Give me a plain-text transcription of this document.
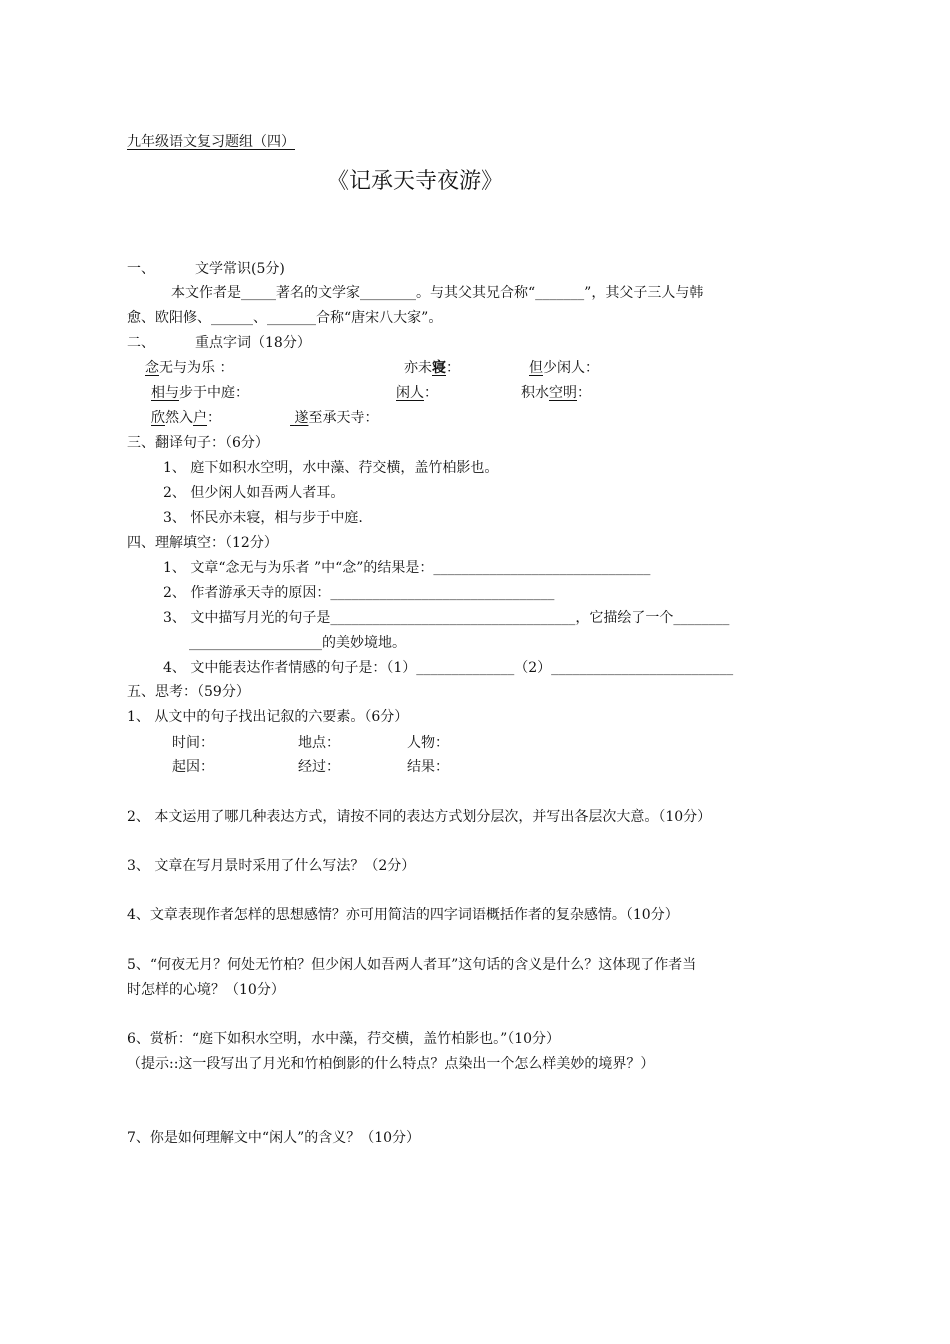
九年级语文复习题组（四）
《记承天寺夜游》
一、	文学常识(5分)
本文作者是_____著名的文学家________。与其父其兄合称“_______”，其父子三人与韩
愈、欧阳修、______、_______合称“唐宋八大家”。
二、	重点字词（18分）
念无与为乐 ：	亦未寝：	但少闲人：
相与步于中庭：	闲人：	积水空明：
欣然入户：	遂至承天寺：
三、翻译句子：（6分）
1、 庭下如积水空明，水中藻、荇交横，盖竹柏影也。
2、 但少闲人如吾两人者耳。
3、 怀民亦未寝，相与步于中庭.
四、理解填空：（12分）
1、 文章“念无与为乐者 ”中“念”的结果是：_______________________________
2、 作者游承天寺的原因：________________________________
3、 文中描写月光的句子是___________________________________，它描绘了一个________
___________________的美妙境地。
4、 文中能表达作者情感的句子是：（1）______________（2）__________________________
五、思考：（59分）
1、 从文中的句子找出记叙的六要素。（6分）
时间：	地点：	人物：
起因：	经过：	结果：
2、 本文运用了哪几种表达方式，请按不同的表达方式划分层次，并写出各层次大意。（10分）
3、 文章在写月景时采用了什么写法？（2分）
4、文章表现作者怎样的思想感情？亦可用简洁的四字词语概括作者的复杂感情。（10分）
5、“何夜无月？何处无竹柏？但少闲人如吾两人者耳”这句话的含义是什么？这体现了作者当
时怎样的心境？（10分）
6、赏析：“庭下如积水空明，水中藻，荇交横，盖竹柏影也。”（10分）
（提示::这一段写出了月光和竹柏倒影的什么特点？点染出一个怎么样美妙的境界？）
7、你是如何理解文中“闲人”的含义？（10分）
